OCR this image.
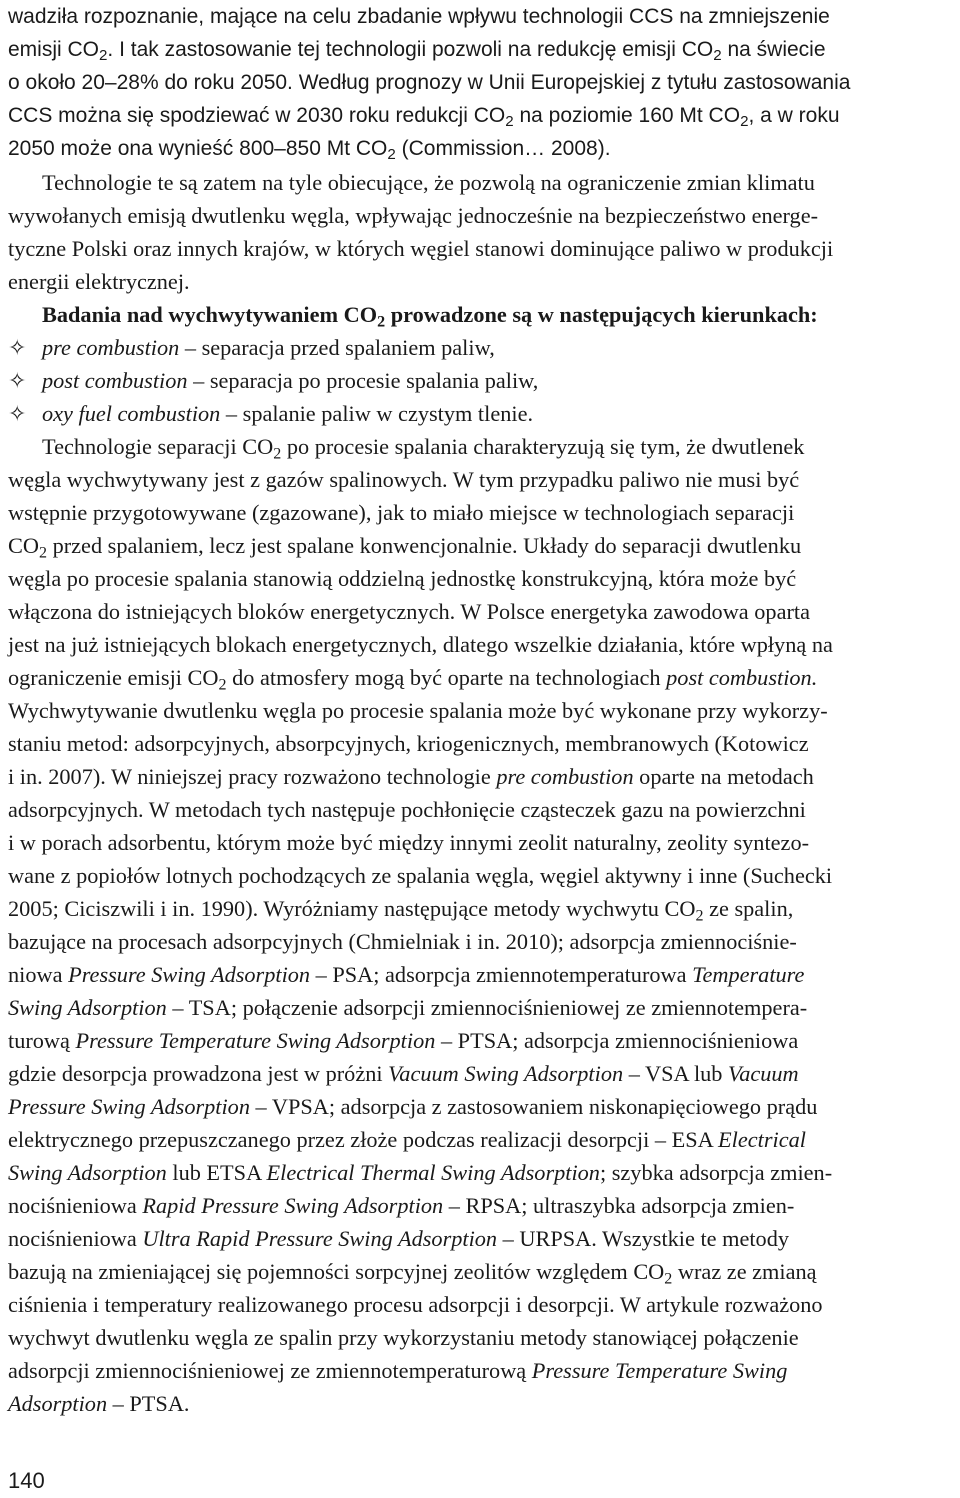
wadziła rozpoznanie, mające na celu zbadanie wpływu technologii CCS na zmniejszenie
emisji $CO_2$. I tak zastosowanie tej technologii pozwoli na redukcję emisji $CO_2$ na świecie
o około 20–28% do roku 2050. Według prognozy w Unii Europejskiej z tytułu zastosowania
CCS można się spodziewać w 2030 roku redukcji $CO_2$ na poziomie 160 Mt $CO_2$, a w roku
2050 może ona wynieść 800–850 Mt $CO_2$ (Commission… 2008).
Technologie te są zatem na tyle obiecujące, że pozwolą na ograniczenie zmian klimatu
wywołanych emisją dwutlenku węgla, wpływając jednocześnie na bezpieczeństwo energe-
tyczne Polski oraz innych krajów, w których węgiel stanowi dominujące paliwo w produkcji
energii elektrycznej.
Badania nad wychwytywaniem $CO_2$ prowadzone są w następujących kierunkach:
✧ pre combustion – separacja przed spalaniem paliw,
✧ post combustion – separacja po procesie spalania paliw,
✧ oxy fuel combustion – spalanie paliw w czystym tlenie.
Technologie separacji $CO_2$ po procesie spalania charakteryzują się tym, że dwutlenek
węgla wychwytywany jest z gazów spalinowych. W tym przypadku paliwo nie musi być
wstępnie przygotowywane (zgazowane), jak to miało miejsce w technologiach separacji
$CO_2$ przed spalaniem, lecz jest spalane konwencjonalnie. Układy do separacji dwutlenku
węgla po procesie spalania stanowią oddzielną jednostkę konstrukcyjną, która może być
włączona do istniejących bloków energetycznych. W Polsce energetyka zawodowa oparta
jest na już istniejących blokach energetycznych, dlatego wszelkie działania, które wpłyną na
ograniczenie emisji $CO_2$ do atmosfery mogą być oparte na technologiach post combustion.
Wychwytywanie dwutlenku węgla po procesie spalania może być wykonane przy wykorzy-
staniu metod: adsorpcyjnych, absorpcyjnych, kriogenicznych, membranowych (Kotowicz
i in. 2007). W niniejszej pracy rozważono technologie pre combustion oparte na metodach
adsorpcyjnych. W metodach tych następuje pochłonięcie cząsteczek gazu na powierzchni
i w porach adsorbentu, którym może być między innymi zeolit naturalny, zeolity syntezo-
wane z popiołów lotnych pochodzących ze spalania węgla, węgiel aktywny i inne (Suchecki
2005; Ciciszwili i in. 1990). Wyróżniamy następujące metody wychwytu $CO_2$ ze spalin,
bazujące na procesach adsorpcyjnych (Chmielniak i in. 2010); adsorpcja zmiennociśnie-
niowa Pressure Swing Adsorption – PSA; adsorpcja zmiennotemperaturowa Temperature
Swing Adsorption – TSA; połączenie adsorpcji zmiennociśnieniowej ze zmiennotempera-
turową Pressure Temperature Swing Adsorption – PTSA; adsorpcja zmiennociśnieniowa
gdzie desorpcja prowadzona jest w próżni Vacuum Swing Adsorption – VSA lub Vacuum
Pressure Swing Adsorption – VPSA; adsorpcja z zastosowaniem niskonapięciowego prądu
elektrycznego przepuszczanego przez złoże podczas realizacji desorpcji – ESA Electrical
Swing Adsorption lub ETSA Electrical Thermal Swing Adsorption; szybka adsorpcja zmien-
nociśnieniowa Rapid Pressure Swing Adsorption – RPSA; ultraszybka adsorpcja zmien-
nociśnieniowa Ultra Rapid Pressure Swing Adsorption – URPSA. Wszystkie te metody
bazują na zmieniającej się pojemności sorpcyjnej zeolitów względem $CO_2$ wraz ze zmianą
ciśnienia i temperatury realizowanego procesu adsorpcji i desorpcji. W artykule rozważono
wychwyt dwutlenku węgla ze spalin przy wykorzystaniu metody stanowiącej połączenie
adsorpcji zmiennociśnieniowej ze zmiennotemperaturową Pressure Temperature Swing
Adsorption – PTSA.
140
